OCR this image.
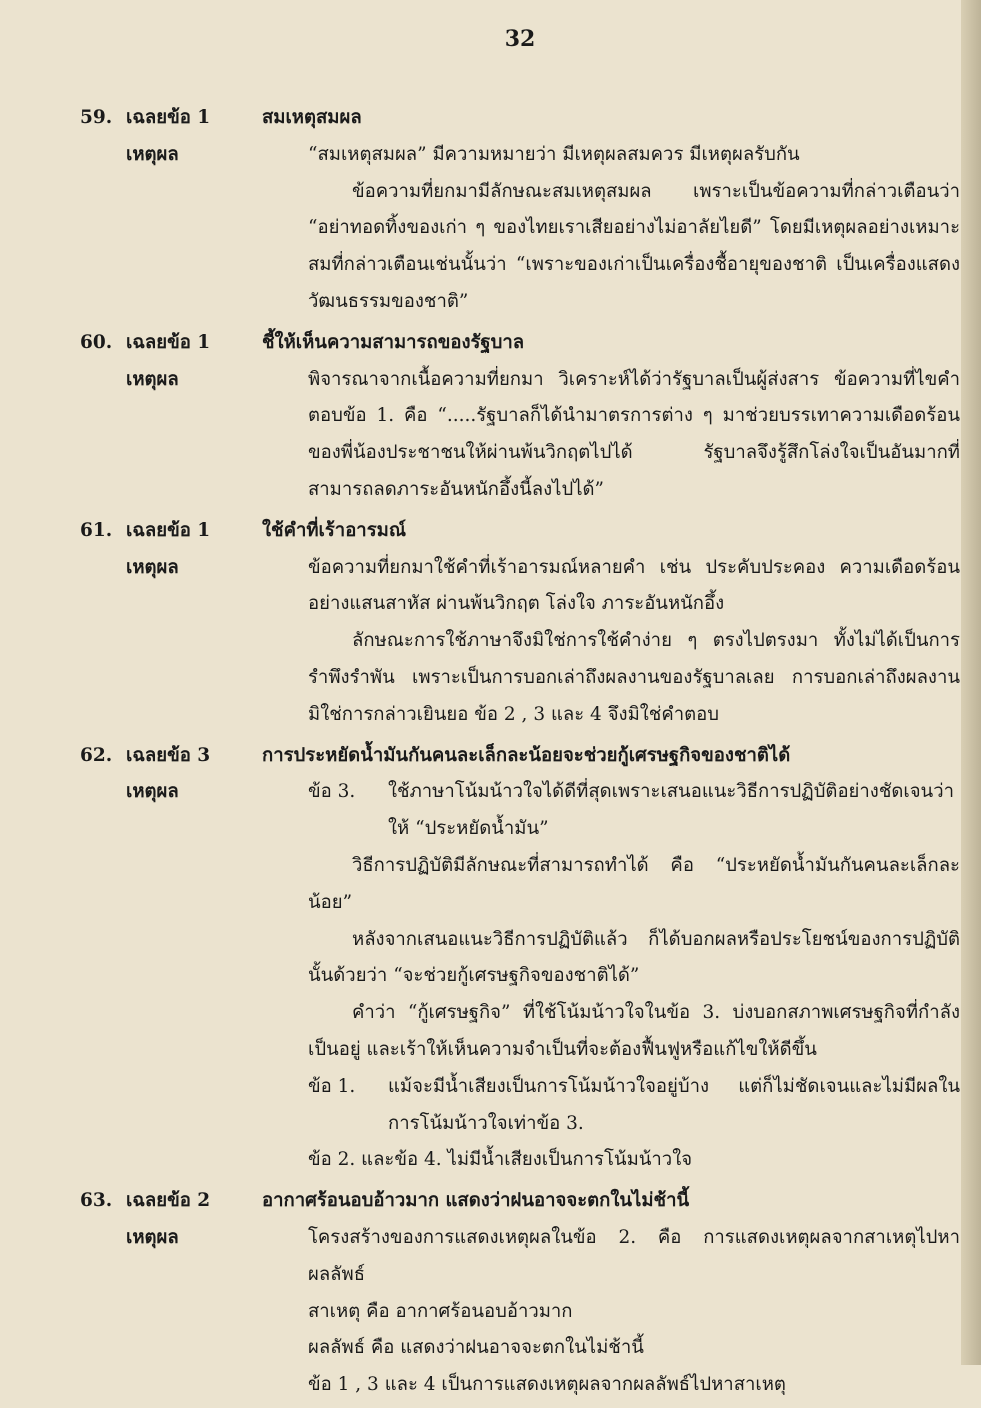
32
59. เฉลยข้อ 1	สมเหตุสมผล
เหตุผล	“สมเหตุสมผล” มีความหมายว่า มีเหตุผลสมควร มีเหตุผลรับกัน

ข้อความที่ยกมามีลักษณะสมเหตุสมผล เพราะเป็นข้อความที่กล่าวเตือนว่า “อย่าทอดทิ้งของเก่า ๆ ของไทยเราเสียอย่างไม่อาลัยไยดี” โดยมีเหตุผลอย่างเหมาะสมที่กล่าวเตือนเช่นนั้นว่า “เพราะของเก่าเป็นเครื่องชื้อายุของชาติ เป็นเครื่องแสดงวัฒนธรรมของชาติ”

60. เฉลยข้อ 1	ชี้ให้เห็นความสามารถของรัฐบาล
เหตุผล	พิจารณาจากเนื้อความที่ยกมา วิเคราะห์ได้ว่ารัฐบาลเป็นผู้ส่งสาร ข้อความที่ไขคำตอบข้อ 1. คือ “.....รัฐบาลก็ได้นำมาตรการต่าง ๆ มาช่วยบรรเทาความเดือดร้อนของพี่น้องประชาชนให้ผ่านพ้นวิกฤตไปได้ รัฐบาลจึงรู้สึกโล่งใจเป็นอันมากที่สามารถลดภาระอันหนักอึ้งนี้ลงไปได้”

61. เฉลยข้อ 1	ใช้คำที่เร้าอารมณ์
เหตุผล	ข้อความที่ยกมาใช้คำที่เร้าอารมณ์หลายคำ เช่น ประคับประคอง ความเดือดร้อนอย่างแสนสาหัส ผ่านพ้นวิกฤต โล่งใจ ภาระอันหนักอึ้ง

ลักษณะการใช้ภาษาจึงมิใช่การใช้คำง่าย ๆ ตรงไปตรงมา ทั้งไม่ได้เป็นการรำพึงรำพัน เพราะเป็นการบอกเล่าถึงผลงานของรัฐบาลเลย การบอกเล่าถึงผลงานมิใช่การกล่าวเยินยอ ข้อ 2 , 3 และ 4 จึงมิใช่คำตอบ

62. เฉลยข้อ 3	การประหยัดน้ำมันกันคนละเล็กละน้อยจะช่วยกู้เศรษฐกิจของชาติได้
เหตุผล	ข้อ 3.	ใช้ภาษาโน้มน้าวใจได้ดีที่สุดเพราะเสนอแนะวิธีการปฏิบัติอย่างชัดเจนว่าให้ “ประหยัดน้ำมัน”

วิธีการปฏิบัติมีลักษณะที่สามารถทำได้ คือ “ประหยัดน้ำมันกันคนละเล็กละน้อย”

หลังจากเสนอแนะวิธีการปฏิบัติแล้ว ก็ได้บอกผลหรือประโยชน์ของการปฏิบัตินั้นด้วยว่า “จะช่วยกู้เศรษฐกิจของชาติได้”

คำว่า “กู้เศรษฐกิจ” ที่ใช้โน้มน้าวใจในข้อ 3. บ่งบอกสภาพเศรษฐกิจที่กำลังเป็นอยู่ และเร้าให้เห็นความจำเป็นที่จะต้องฟื้นฟูหรือแก้ไขให้ดีขึ้น

ข้อ 1.	แม้จะมีน้ำเสียงเป็นการโน้มน้าวใจอยู่บ้าง แต่ก็ไม่ชัดเจนและไม่มีผลในการโน้มน้าวใจเท่าข้อ 3.

ข้อ 2. และข้อ 4. ไม่มีน้ำเสียงเป็นการโน้มน้าวใจ

63. เฉลยข้อ 2	อากาศร้อนอบอ้าวมาก แสดงว่าฝนอาจจะตกในไม่ช้านี้
เหตุผล	โครงสร้างของการแสดงเหตุผลในข้อ 2. คือ การแสดงเหตุผลจากสาเหตุไปหาผลลัพธ์

สาเหตุ คือ อากาศร้อนอบอ้าวมาก

ผลลัพธ์ คือ แสดงว่าฝนอาจจะตกในไม่ช้านี้

ข้อ 1 , 3 และ 4 เป็นการแสดงเหตุผลจากผลลัพธ์ไปหาสาเหตุ
